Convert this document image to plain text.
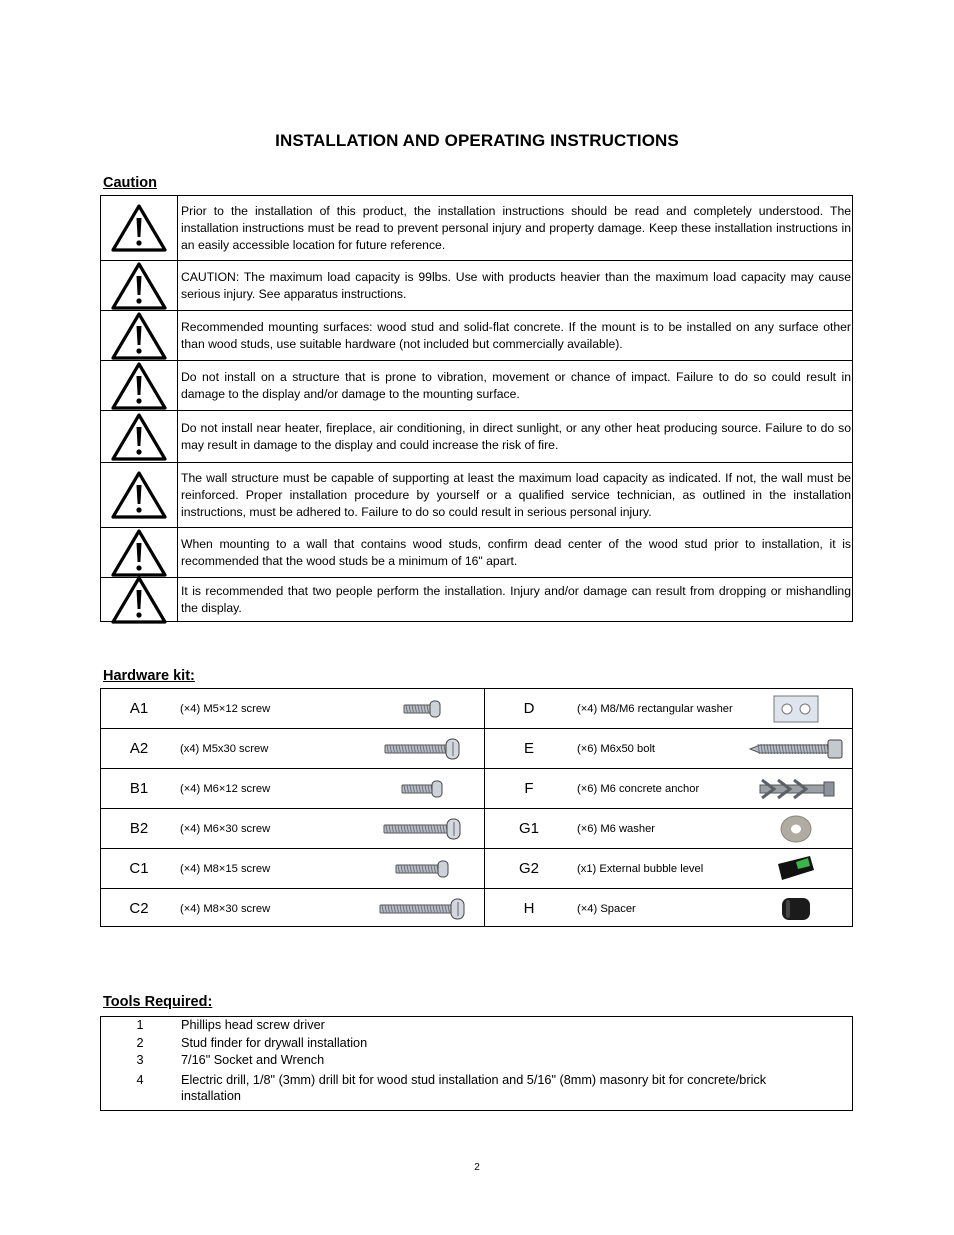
INSTALLATION AND OPERATING INSTRUCTIONS
Caution
Prior to the installation of this product, the installation instructions should be read and completely understood. The installation instructions must be read to prevent personal injury and property damage. Keep these installation instructions in an easily accessible location for future reference.
CAUTION: The maximum load capacity is 99lbs. Use with products heavier than the maximum load capacity may cause serious injury. See apparatus instructions.
Recommended mounting surfaces: wood stud and solid-flat concrete. If the mount is to be installed on any surface other than wood studs, use suitable hardware (not included but commercially available).
Do not install on a structure that is prone to vibration, movement or chance of impact. Failure to do so could result in damage to the display and/or damage to the mounting surface.
Do not install near heater, fireplace, air conditioning, in direct sunlight, or any other heat producing source. Failure to do so may result in damage to the display and could increase the risk of fire.
The wall structure must be capable of supporting at least the maximum load capacity as indicated. If not, the wall must be reinforced. Proper installation procedure by yourself or a qualified service technician, as outlined in the installation instructions, must be adhered to. Failure to do so could result in serious personal injury.
When mounting to a wall that contains wood studs, confirm dead center of the wood stud prior to installation, it is recommended that the wood studs be a minimum of 16" apart.
It is recommended that two people perform the installation. Injury and/or damage can result from dropping or mishandling the display.
Hardware kit:
A1	(×4) M5×12 screw	D	(×4) M8/M6 rectangular washer
A2	(x4) M5x30 screw	E	(×6) M6x50 bolt
B1	(×4) M6×12 screw	F	(×6) M6 concrete anchor
B2	(×4) M6×30 screw	G1	(×6) M6 washer
C1	(×4) M8×15 screw	G2	(x1) External bubble level
C2	(×4) M8×30 screw	H	(×4) Spacer
Tools Required:
1	Phillips head screw driver
2	Stud finder for drywall installation
3	7/16" Socket and Wrench
4	Electric drill, 1/8" (3mm) drill bit for wood stud installation and 5/16" (8mm) masonry bit for concrete/brick installation
2
